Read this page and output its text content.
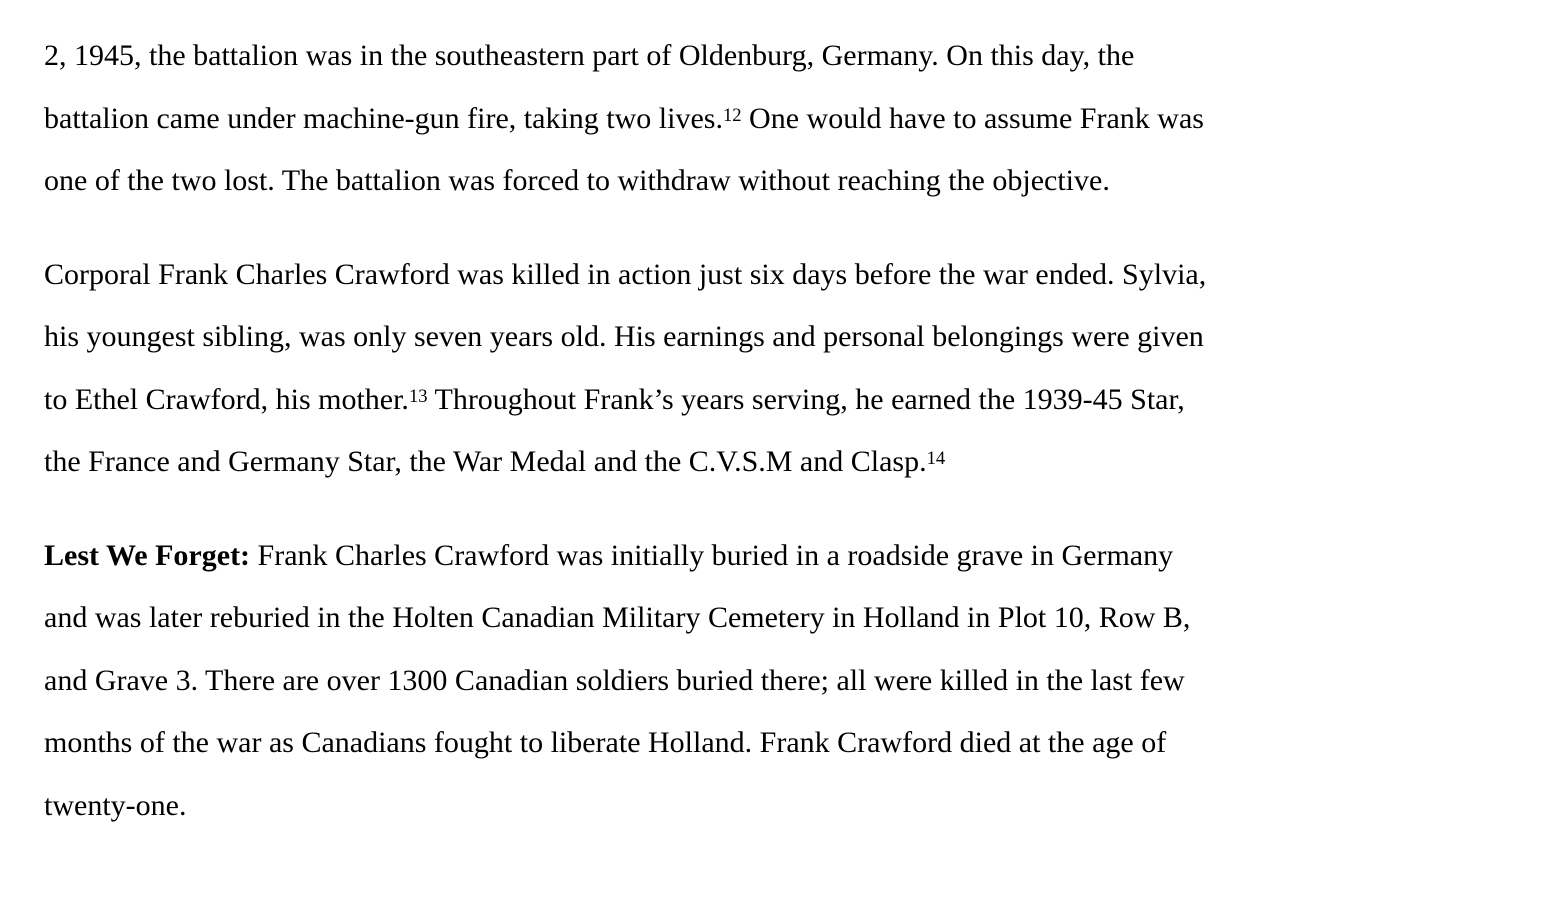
2, 1945, the battalion was in the southeastern part of Oldenburg, Germany. On this day, the
battalion came under machine-gun fire, taking two lives.$^{12}$ One would have to assume Frank was
one of the two lost. The battalion was forced to withdraw without reaching the objective.
Corporal Frank Charles Crawford was killed in action just six days before the war ended. Sylvia,
his youngest sibling, was only seven years old. His earnings and personal belongings were given
to Ethel Crawford, his mother.$^{13}$ Throughout Frank’s years serving, he earned the 1939-45 Star,
the France and Germany Star, the War Medal and the C.V.S.M and Clasp.$^{14}$
Lest We Forget: Frank Charles Crawford was initially buried in a roadside grave in Germany
and was later reburied in the Holten Canadian Military Cemetery in Holland in Plot 10, Row B,
and Grave 3. There are over 1300 Canadian soldiers buried there; all were killed in the last few
months of the war as Canadians fought to liberate Holland. Frank Crawford died at the age of
twenty-one.
